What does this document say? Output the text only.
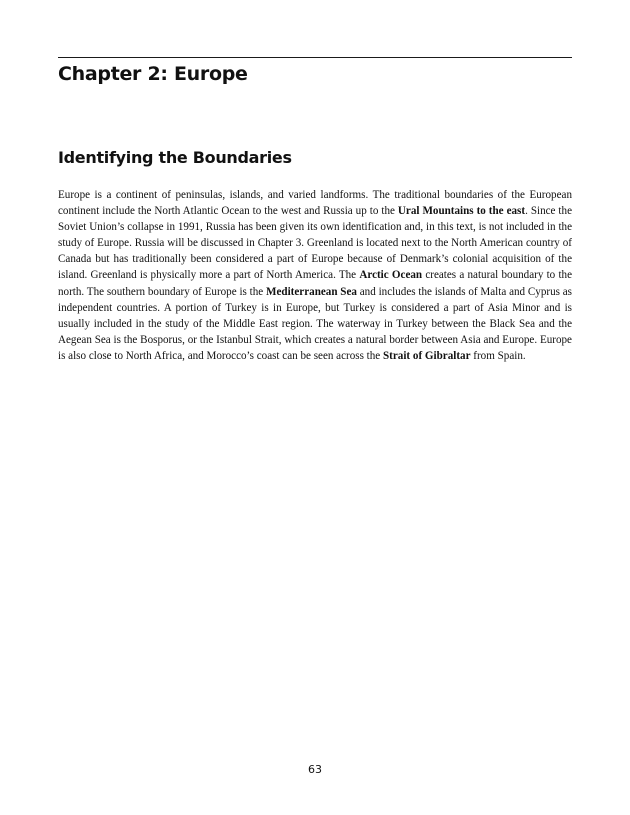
Chapter 2: Europe
Identifying the Boundaries

Europe is a continent of peninsulas, islands, and varied landforms. The traditional boundaries of the European continent include the North Atlantic Ocean to the west and Russia up to the Ural Mountains to the east. Since the Soviet Union’s collapse in 1991, Russia has been given its own identification and, in this text, is not included in the study of Europe. Russia will be discussed in Chapter 3. Greenland is located next to the North American country of Canada but has traditionally been considered a part of Europe because of Denmark’s colonial acquisition of the island. Greenland is physically more a part of North America. The Arctic Ocean creates a natural boundary to the north. The southern boundary of Europe is the Mediterranean Sea and includes the islands of Malta and Cyprus as independent countries. A portion of Turkey is in Europe, but Turkey is considered a part of Asia Minor and is usually included in the study of the Middle East region. The waterway in Turkey between the Black Sea and the Aegean Sea is the Bosporus, or the Istanbul Strait, which creates a natural border between Asia and Europe. Europe is also close to North Africa, and Morocco’s coast can be seen across the Strait of Gibraltar from Spain.

63
